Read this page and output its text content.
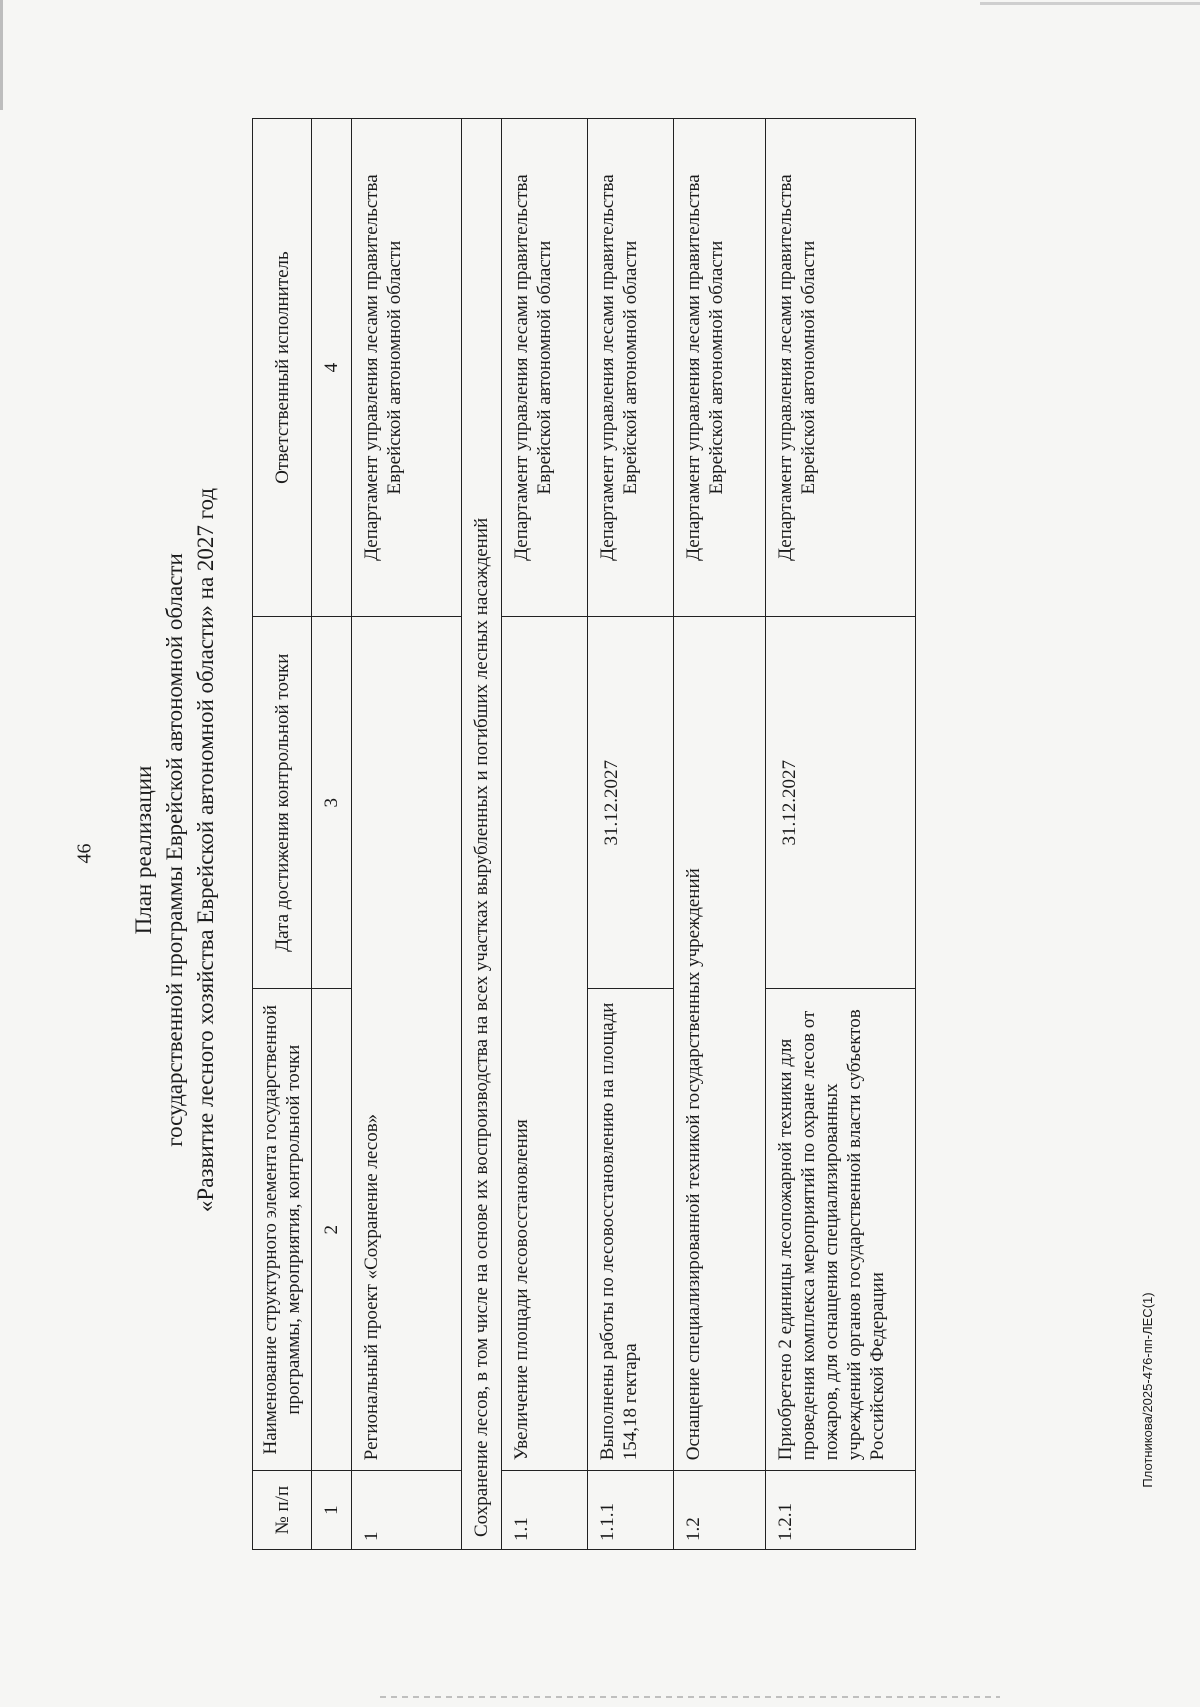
46 План реализации государственной программы Еврейской автономной области «Развитие лесного хозяйства Еврейской автономной области» на 2027 год
№ п/п	Наименование структурного элемента государственной программы, мероприятия, контрольной точки	Дата достижения контрольной точки	Ответственный исполнитель
1	2	3	4
1	Региональный проект «Сохранение лесов»		Департамент управления лесами правительства Еврейской автономной области
Сохранение лесов, в том числе на основе их воспроизводства на всех участках вырубленных и погибших лесных насаждений			
1.1	Увеличение площади лесовосстановления		Департамент управления лесами правительства Еврейской автономной области
1.1.1	Выполнены работы по лесовосстановлению на площади 154,18 гектара	31.12.2027	Департамент управления лесами правительства Еврейской автономной области
1.2	Оснащение специализированной техникой государственных учреждений		Департамент управления лесами правительства Еврейской автономной области
1.2.1	Приобретено 2 единицы лесопожарной техники для проведения комплекса мероприятий по охране лесов от пожаров, для оснащения специализированных учреждений органов государственной власти субъектов Российской Федерации	31.12.2027	Департамент управления лесами правительства Еврейской автономной области
Плотникова/2025-476-пп-ЛЕС(1)
